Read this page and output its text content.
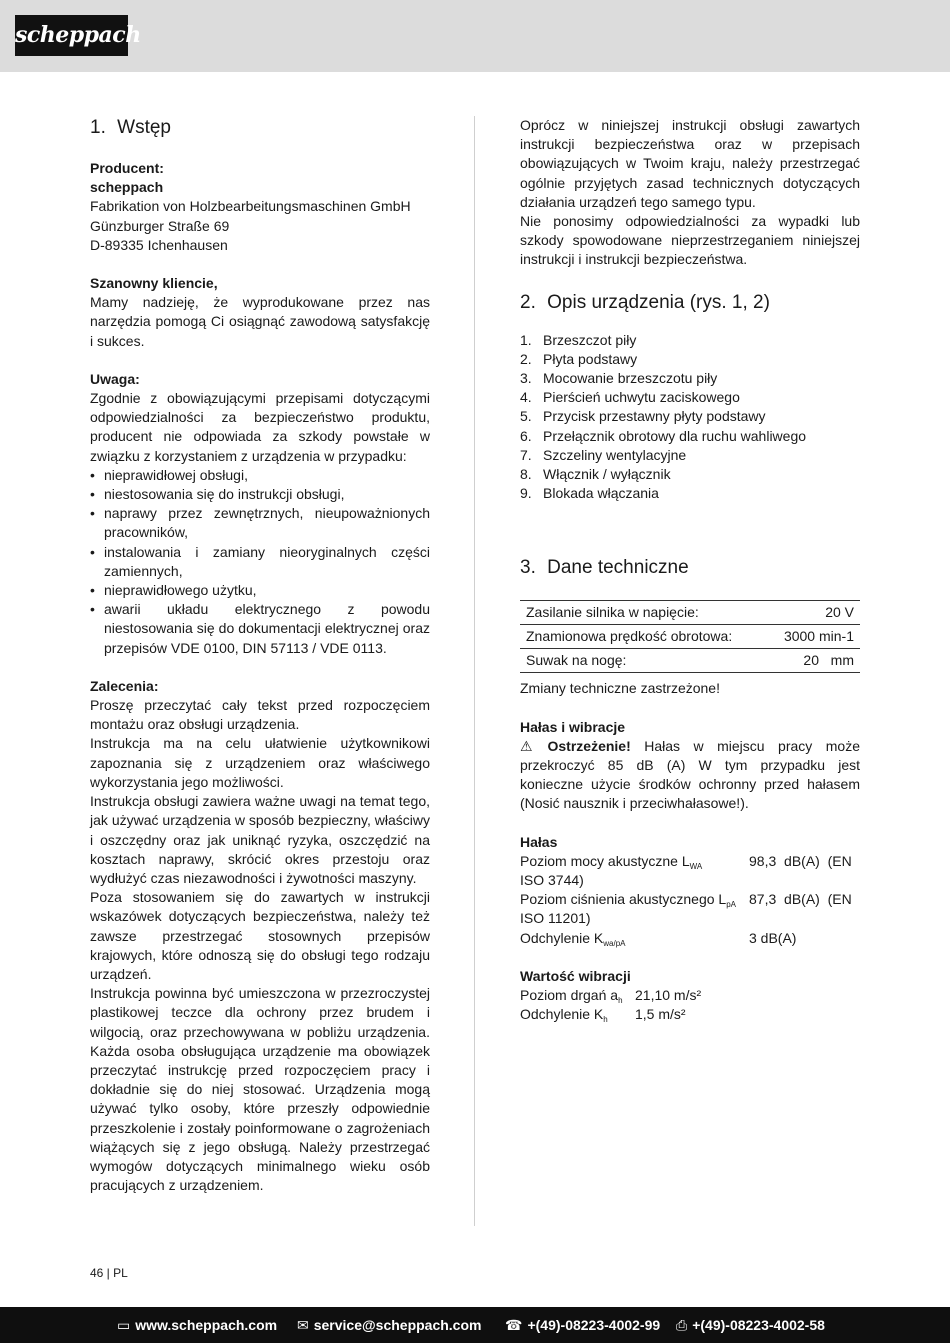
scheppach
1. Wstęp

Producent:

scheppach

Fabrikation von Holzbearbeitungsmaschinen GmbH

Günzburger Straße 69

D-89335 Ichenhausen

Szanowny kliencie,

Mamy nadzieję, że wyprodukowane przez nas narzędzia pomogą Ci osiągnąć zawodową satysfakcję i sukces.

Uwaga:

Zgodnie z obowiązującymi przepisami dotyczącymi odpowiedzialności za bezpieczeństwo produktu, producent nie odpowiada za szkody powstałe w związku z korzystaniem z urządzenia w przypadku:

• nieprawidłowej obsługi,
• niestosowania się do instrukcji obsługi,
• naprawy przez zewnętrznych, nieupoważnionych pracowników,
• instalowania i zamiany nieoryginalnych części zamiennych,
• nieprawidłowego użytku,
• awarii układu elektrycznego z powodu niestosowania się do dokumentacji elektrycznej oraz przepisów VDE 0100, DIN 57113 / VDE 0113.

Zalecenia:

Proszę przeczytać cały tekst przed rozpoczęciem montażu oraz obsługi urządzenia.

Instrukcja ma na celu ułatwienie użytkownikowi zapoznania się z urządzeniem oraz właściwego wykorzystania jego możliwości.

Instrukcja obsługi zawiera ważne uwagi na temat tego, jak używać urządzenia w sposób bezpieczny, właściwy i oszczędny oraz jak uniknąć ryzyka, oszczędzić na kosztach naprawy, skrócić okres przestoju oraz wydłużyć czas niezawodności i żywotności maszyny.

Poza stosowaniem się do zawartych w instrukcji wskazówek dotyczących bezpieczeństwa, należy też zawsze przestrzegać stosownych przepisów krajowych, które odnoszą się do obsługi tego rodzaju urządzeń.

Instrukcja powinna być umieszczona w przezroczystej plastikowej teczce dla ochrony przez brudem i wilgocią, oraz przechowywana w pobliżu urządzenia. Każda osoba obsługująca urządzenie ma obowiązek przeczytać instrukcję przed rozpoczęciem pracy i dokładnie się do niej stosować. Urządzenia mogą używać tylko osoby, które przeszły odpowiednie przeszkolenie i zostały poinformowane o zagrożeniach wiążących się z jego obsługą. Należy przestrzegać wymogów dotyczących minimalnego wieku osób pracujących z urządzeniem.

Oprócz w niniejszej instrukcji obsługi zawartych instrukcji bezpieczeństwa oraz w przepisach obowiązujących w Twoim kraju, należy przestrzegać ogólnie przyjętych zasad technicznych dotyczących działania urządzeń tego samego typu.

Nie ponosimy odpowiedzialności za wypadki lub szkody spowodowane nieprzestrzeganiem niniejszej instrukcji i instrukcji bezpieczeństwa.

2. Opis urządzenia (rys. 1, 2)
1. Brzeszczot piły
2. Płyta podstawy
3. Mocowanie brzeszczotu piły
4. Pierścień uchwytu zaciskowego
5. Przycisk przestawny płyty podstawy
6. Przełącznik obrotowy dla ruchu wahliwego
7. Szczeliny wentylacyjne
8. Włącznik / wyłącznik
9. Blokada włączania
3. Dane techniczne
Zasilanie silnika w napięcie:	20 V
Znamionowa prędkość obrotowa:	3000 min-1
Suwak na nogę:	20   mm

Zmiany techniczne zastrzeżone!

Hałas i wibracje

⚠ Ostrzeżenie! Hałas w miejscu pracy może przekroczyć 85 dB (A) W tym przypadku jest konieczne użycie środków ochronny przed hałasem (Nosić nausznik i przeciwhałasowe!).

Hałas

Poziom mocy akustyczne $L_{WA}$	98,3  dB(A)  (EN

ISO 3744)

Poziom ciśnienia akustycznego $L_{pA}$ 87,3  dB(A)  (EN

ISO 11201)

Odchylenie $K_{wa/pA}$	3 dB(A)

Wartość wibracji

Poziom drgań $a_h$ 21,10 m/s²
Odchylenie $K_h$	1,5 m/s²
46 | PL
▭ www.scheppach.com ✉ service@scheppach.com ☎ +(49)-08223-4002-99 ⎙ +(49)-08223-4002-58
